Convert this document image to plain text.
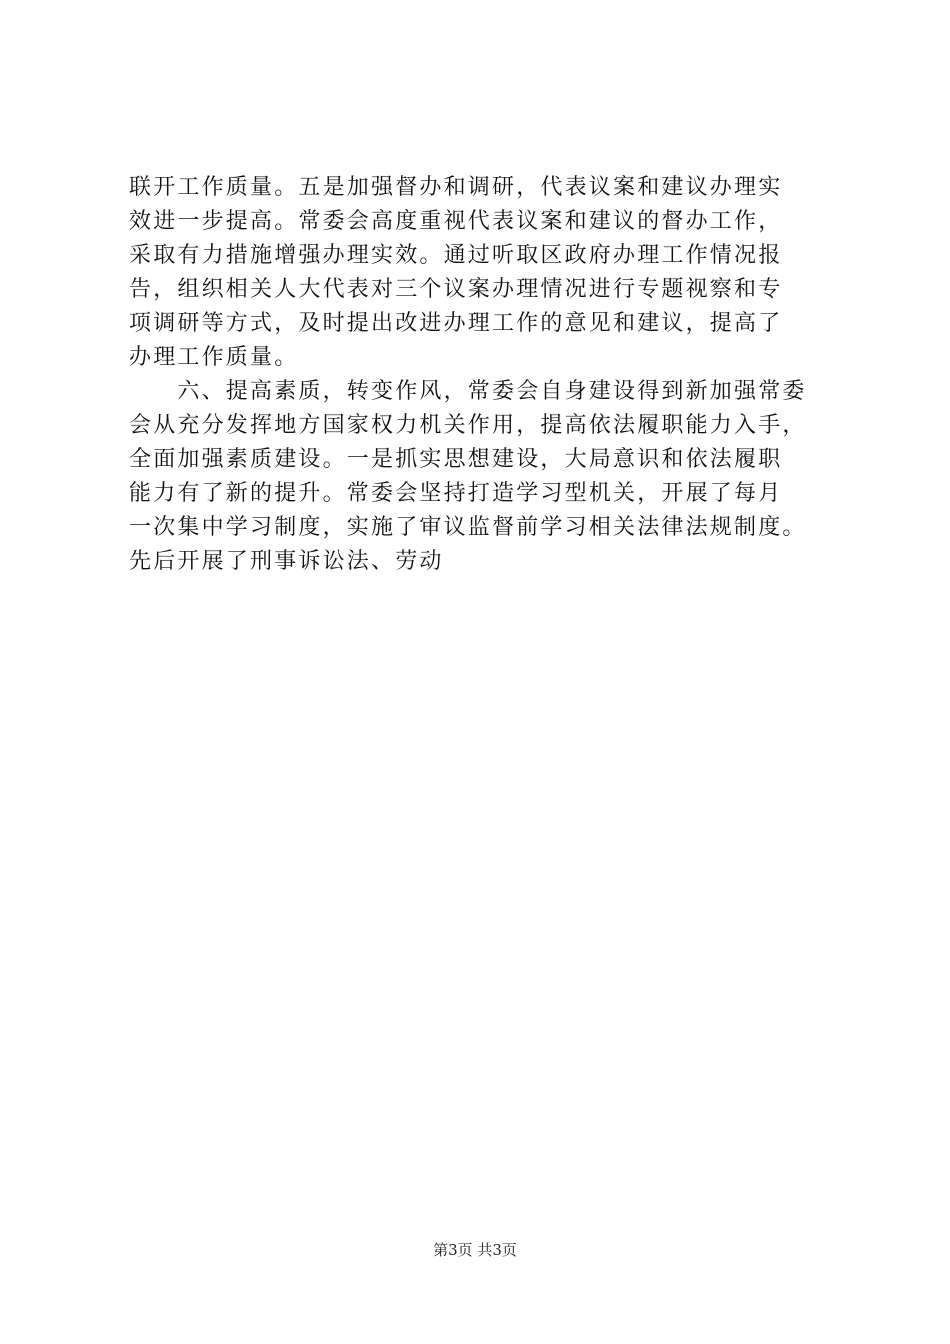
联开工作质量。五是加强督办和调研，代表议案和建议办理实
效进一步提高。常委会高度重视代表议案和建议的督办工作，
采取有力措施增强办理实效。通过听取区政府办理工作情况报
告，组织相关人大代表对三个议案办理情况进行专题视察和专
项调研等方式，及时提出改进办理工作的意见和建议，提高了
办理工作质量。
　　六、提高素质，转变作风，常委会自身建设得到新加强常委
会从充分发挥地方国家权力机关作用，提高依法履职能力入手，
全面加强素质建设。一是抓实思想建设，大局意识和依法履职
能力有了新的提升。常委会坚持打造学习型机关，开展了每月
一次集中学习制度，实施了审议监督前学习相关法律法规制度。
先后开展了刑事诉讼法、劳动
第3页 共3页
